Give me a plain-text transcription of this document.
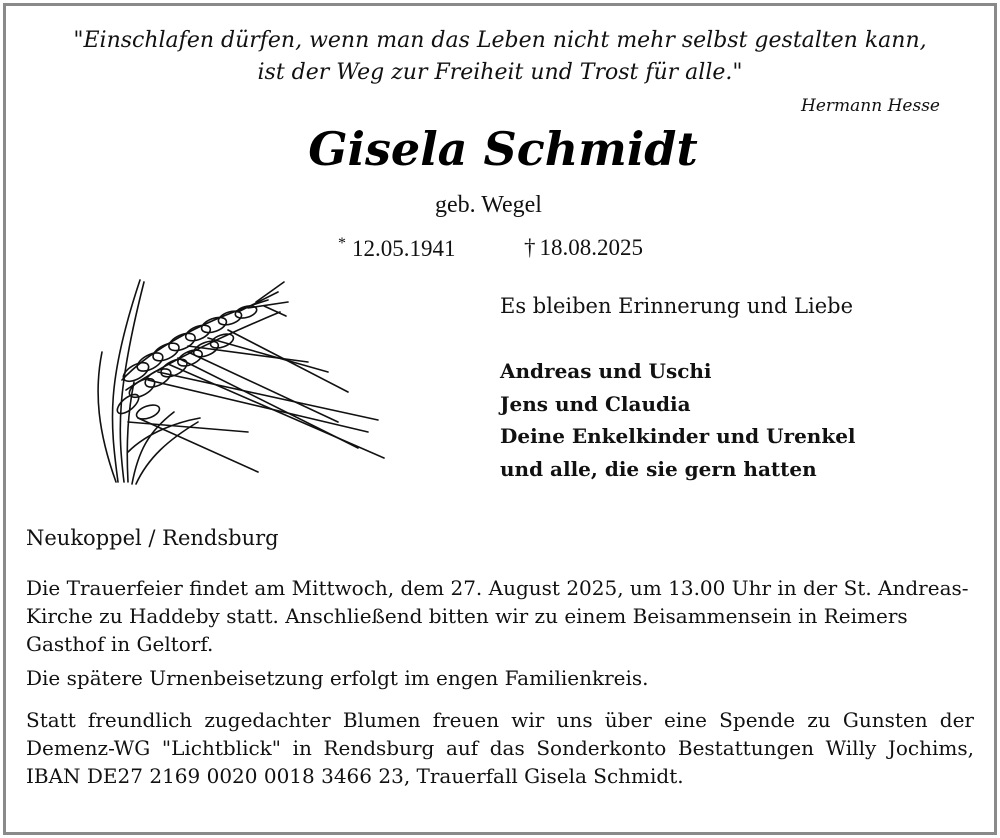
"Einschlafen dürfen, wenn man das Leben nicht mehr selbst gestalten kann,
ist der Weg zur Freiheit und Trost für alle."
Hermann Hesse
Gisela Schmidt
geb. Wegel
* 12.05.1941	† 18.08.2025
Es bleiben Erinnerung und Liebe
Andreas und Uschi
Jens und Claudia
Deine Enkelkinder und Urenkel
und alle, die sie gern hatten
Neukoppel / Rendsburg
Die Trauerfeier findet am Mittwoch, dem 27. August 2025, um 13.00 Uhr in der St. Andreas-Kirche zu Haddeby statt. Anschließend bitten wir zu einem Beisammensein in Reimers Gasthof in Geltorf.
Die spätere Urnenbeisetzung erfolgt im engen Familienkreis.
Statt freundlich zugedachter Blumen freuen wir uns über eine Spende zu Gunsten der Demenz-WG "Lichtblick" in Rendsburg auf das Sonderkonto Bestattungen Willy Jochims, IBAN DE27 2169 0020 0018 3466 23, Trauerfall Gisela Schmidt.
